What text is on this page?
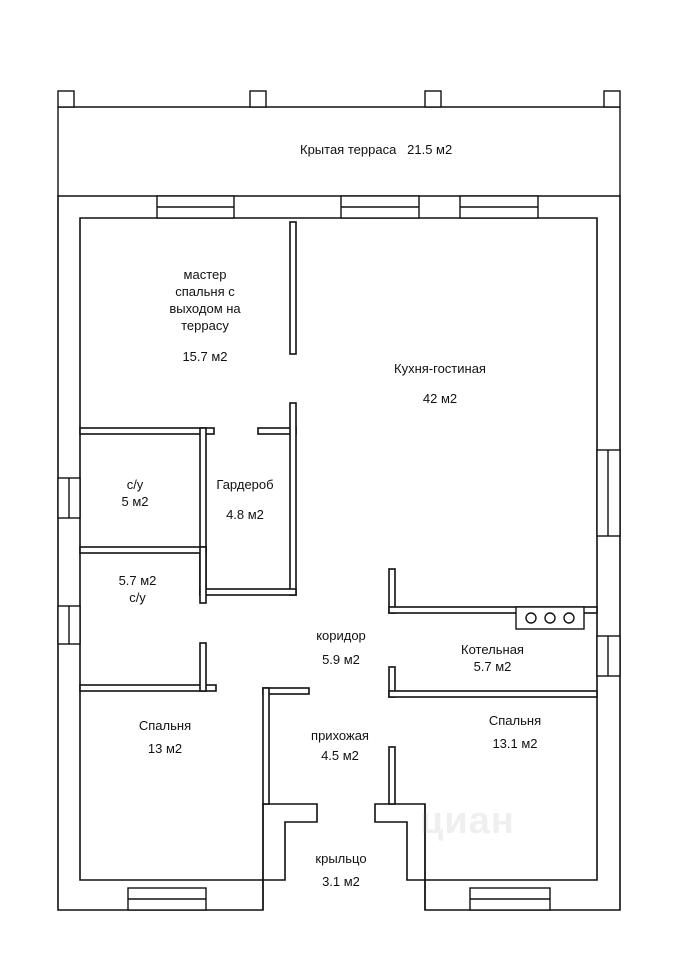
циан
Крытая терраса 21.5 м2
мастер
спальня с
выходом на
террасу
15.7 м2
Кухня-гостиная
42 м2
с/у
5 м2
Гардероб
4.8 м2
5.7 м2
с/у
коридор
5.9 м2
Котельная
5.7 м2
Спальня
13 м2
прихожая
4.5 м2
Спальня
13.1 м2
крыльцо
3.1 м2
